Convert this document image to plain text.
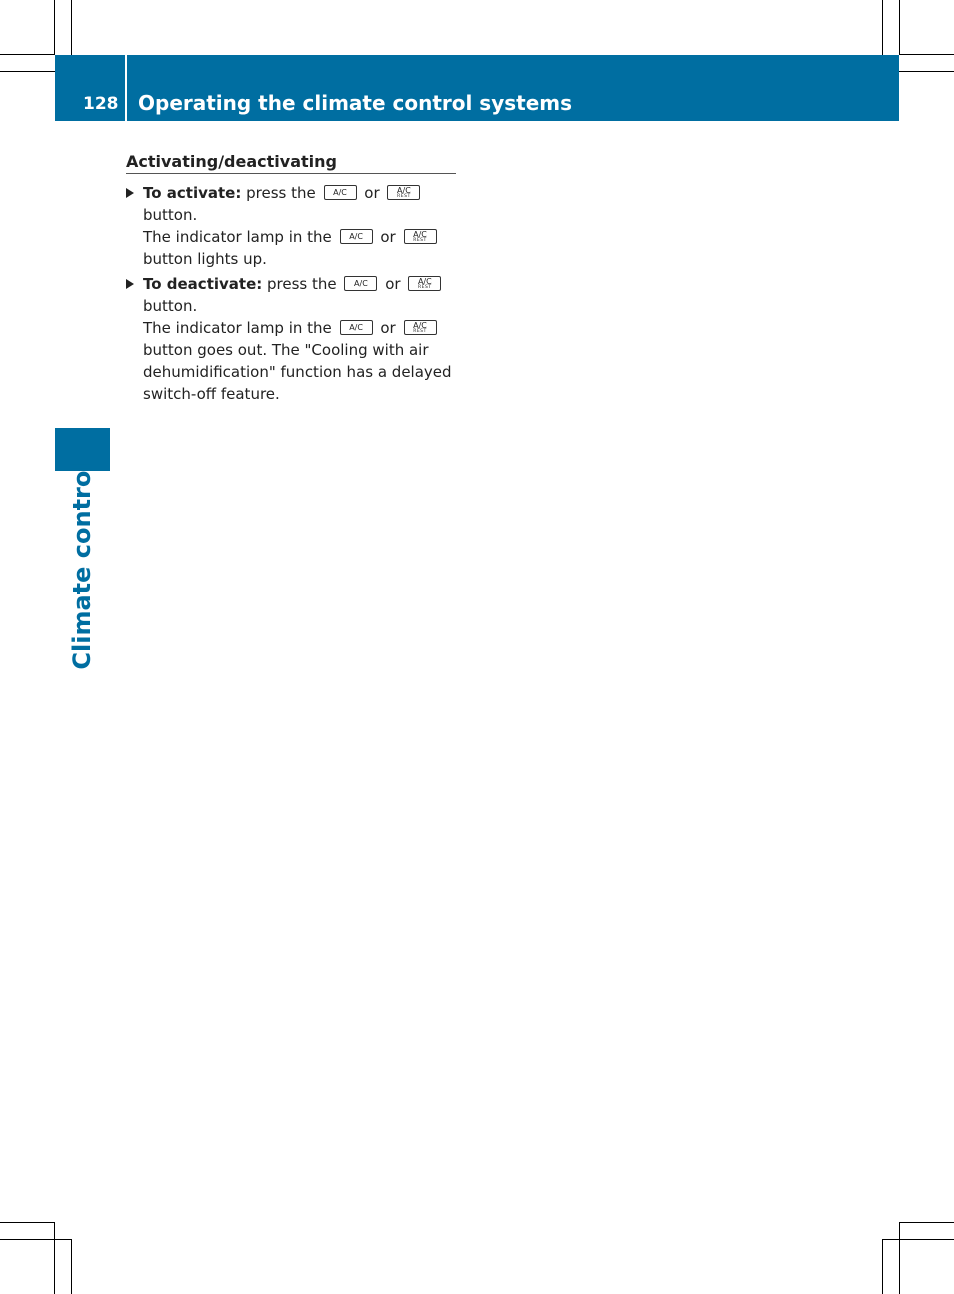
128 Operating the climate control systems
Climate control
Activating/deactivating
To activate: press the	A/C	or	A/C
REST

button.
The indicator lamp in the	A/C	or	A/C
REST

button lights up.
To deactivate: press the	A/C	or	A/C
REST

button.
The indicator lamp in the	A/C	or	A/C
REST

button goes out. The "Cooling with air dehumidification" function has a delayed switch-off feature.
